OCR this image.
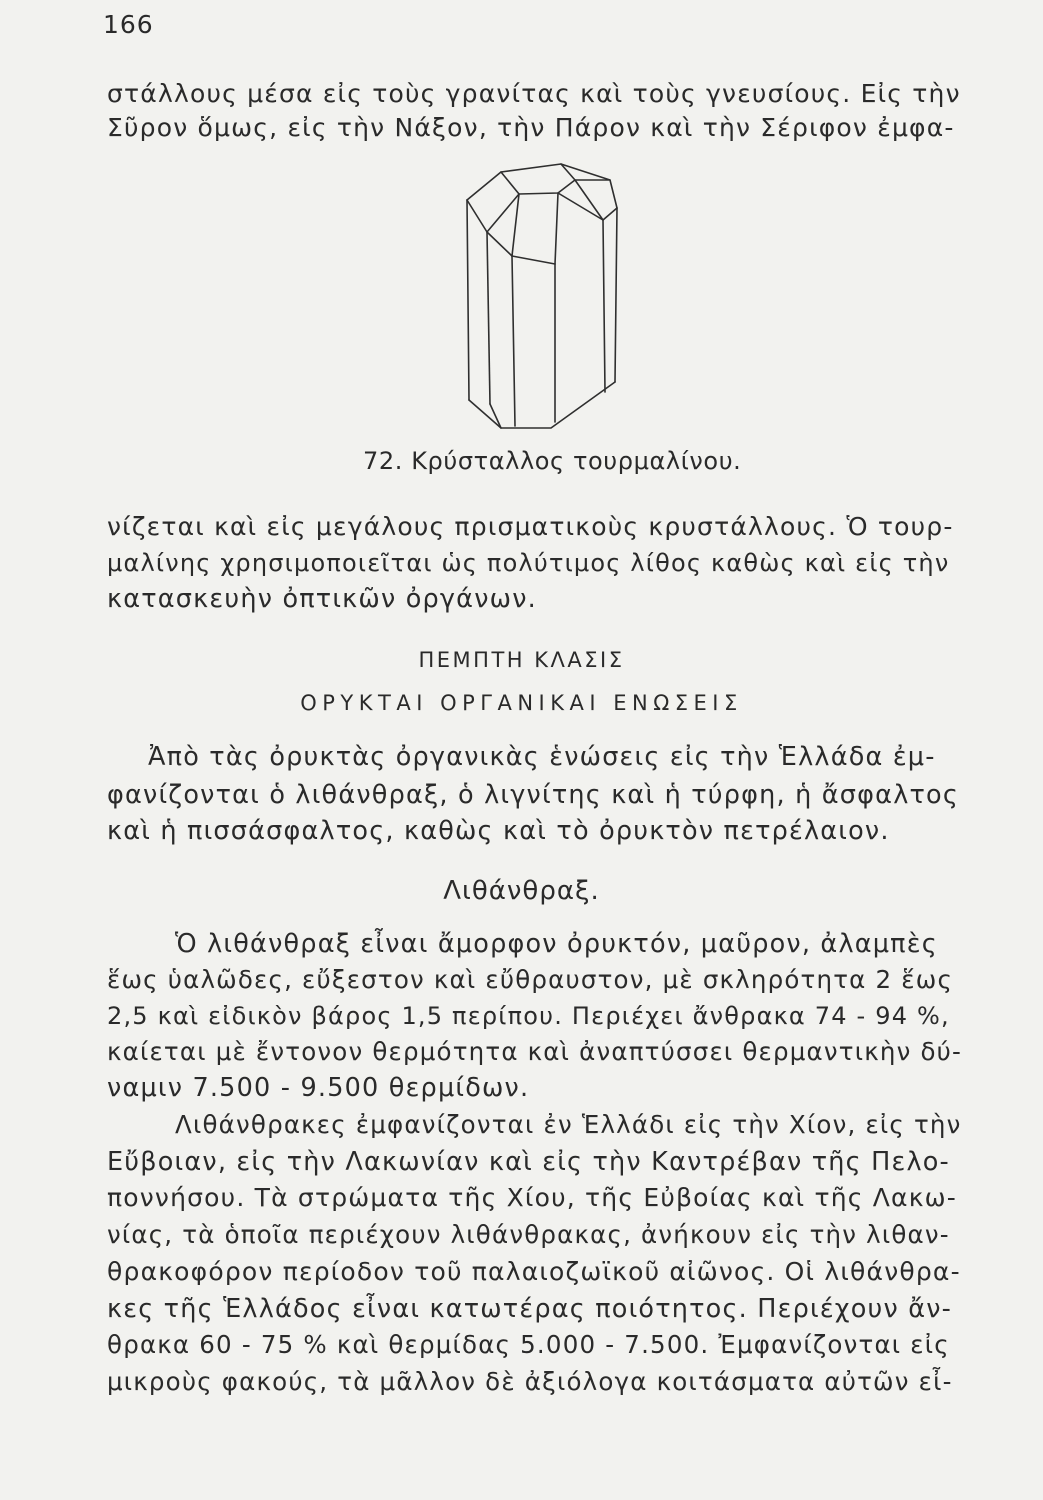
166
στάλλους μέσα εἰς τοὺς γρανίτας καὶ τοὺς γνευσίους. Εἰς τὴν
Σῦρον ὅμως, εἰς τὴν Νάξον, τὴν Πάρον καὶ τὴν Σέριφον ἐμφα-
72. Κρύσταλλος τουρμαλίνου.
νίζεται καὶ εἰς μεγάλους πρισματικοὺς κρυστάλλους. Ὁ τουρ-
μαλίνης χρησιμοποιεῖται ὡς πολύτιμος λίθος καθὼς καὶ εἰς τὴν
κατασκευὴν ὀπτικῶν ὀργάνων.
ΠΕΜΠΤΗ ΚΛΑΣΙΣ
ΟΡΥΚΤΑΙ ΟΡΓΑΝΙΚΑΙ ΕΝΩΣΕΙΣ
Ἀπὸ τὰς ὀρυκτὰς ὀργανικὰς ἑνώσεις εἰς τὴν Ἑλλάδα ἐμ-
φανίζονται ὁ λιθάνθραξ, ὁ λιγνίτης καὶ ἡ τύρφη, ἡ ἄσφαλτος
καὶ ἡ πισσάσφαλτος, καθὼς καὶ τὸ ὀρυκτὸν πετρέλαιον.
Λιθάνθραξ.
Ὁ λιθάνθραξ εἶναι ἄμορφον ὀρυκτόν, μαῦρον, ἀλαμπὲς
ἕως ὑαλῶδες, εὔξεστον καὶ εὔθραυστον, μὲ σκληρότητα 2 ἕως
2,5 καὶ εἰδικὸν βάρος 1,5 περίπου. Περιέχει ἄνθρακα 74 - 94 %,
καίεται μὲ ἔντονον θερμότητα καὶ ἀναπτύσσει θερμαντικὴν δύ-
ναμιν 7.500 - 9.500 θερμίδων.
Λιθάνθρακες ἐμφανίζονται ἐν Ἑλλάδι εἰς τὴν Χίον, εἰς τὴν
Εὔβοιαν, εἰς τὴν Λακωνίαν καὶ εἰς τὴν Καντρέβαν τῆς Πελο-
ποννήσου. Τὰ στρώματα τῆς Χίου, τῆς Εὐβοίας καὶ τῆς Λακω-
νίας, τὰ ὁποῖα περιέχουν λιθάνθρακας, ἀνήκουν εἰς τὴν λιθαν-
θρακοφόρον περίοδον τοῦ παλαιοζωϊκοῦ αἰῶνος. Οἱ λιθάνθρα-
κες τῆς Ἑλλάδος εἶναι κατωτέρας ποιότητος. Περιέχουν ἄν-
θρακα 60 - 75 % καὶ θερμίδας 5.000 - 7.500. Ἐμφανίζονται εἰς
μικροὺς φακούς, τὰ μᾶλλον δὲ ἀξιόλογα κοιτάσματα αὐτῶν εἶ-
